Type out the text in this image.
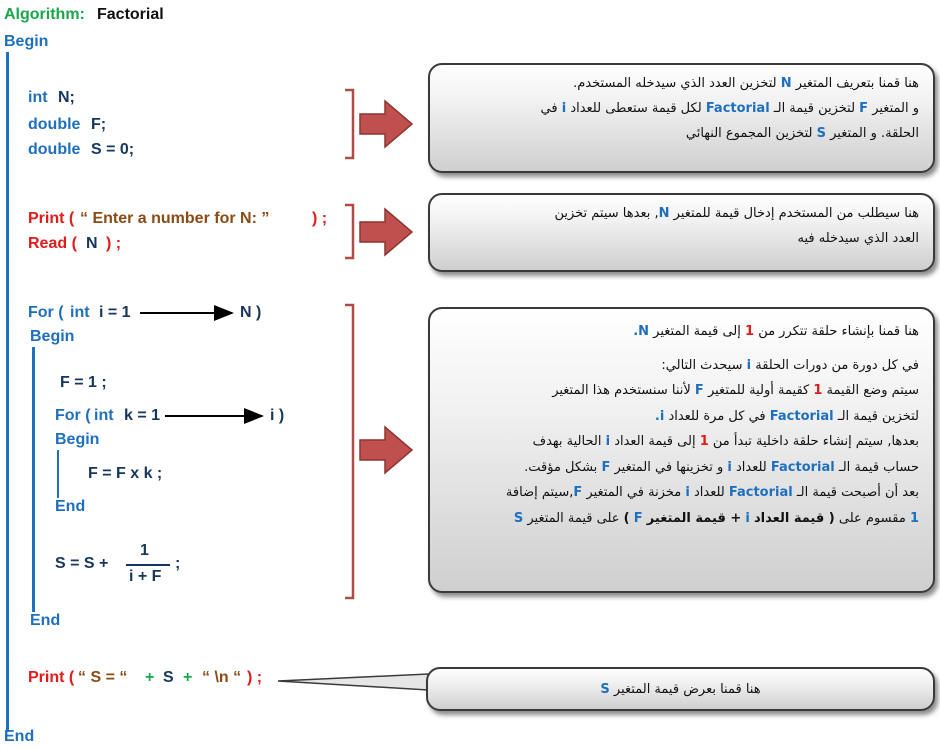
Algorithm: Factorial
Begin
End
int N;
double F;
double S = 0;
Print ( “ Enter a number for N: ”	) ;
Read ( N ) ;
For ( int i = 1	N )
Begin
End
F = 1 ;
For ( int k = 1	i )
Begin
F = F x k ;
End
S = S +
1
i + F
;
Print ( “ S = “ + S + “ \n “ ) ;

هنا قمنا بتعريف المتغير N لتخزين العدد الذي سيدخله المستخدم.

و المتغير F لتخزين قيمة الـ Factorial لكل قيمة ستعطى للعداد i في

الحلقة. و المتغير S لتخزين المجموع النهائي

هنا سيطلب من المستخدم إدخال قيمة للمتغير N, بعدها سيتم تخزين

العدد الذي سيدخله فيه

هنا قمنا بإنشاء حلقة تتكرر من 1 إلى قيمة المتغير N.

في كل دورة من دورات الحلقة i سيحدث التالي:

سيتم وضع القيمة 1 كقيمة أولية للمتغير F لأننا سنستخدم هذا المتغير

لتخزين قيمة الـ Factorial في كل مرة للعداد i.

بعدها, سيتم إنشاء حلقة داخلية تبدأ من 1 إلى قيمة العداد i الحالية بهدف

حساب قيمة الـ Factorial للعداد i و تخزينها في المتغير F بشكل مؤقت.

بعد أن أصبحت قيمة الـ Factorial للعداد i مخزنة في المتغير F,سيتم إضافة

1 مقسوم على ( قيمة العداد i + قيمة المتغير F ) على قيمة المتغير S

هنا قمنا بعرض قيمة المتغير S
